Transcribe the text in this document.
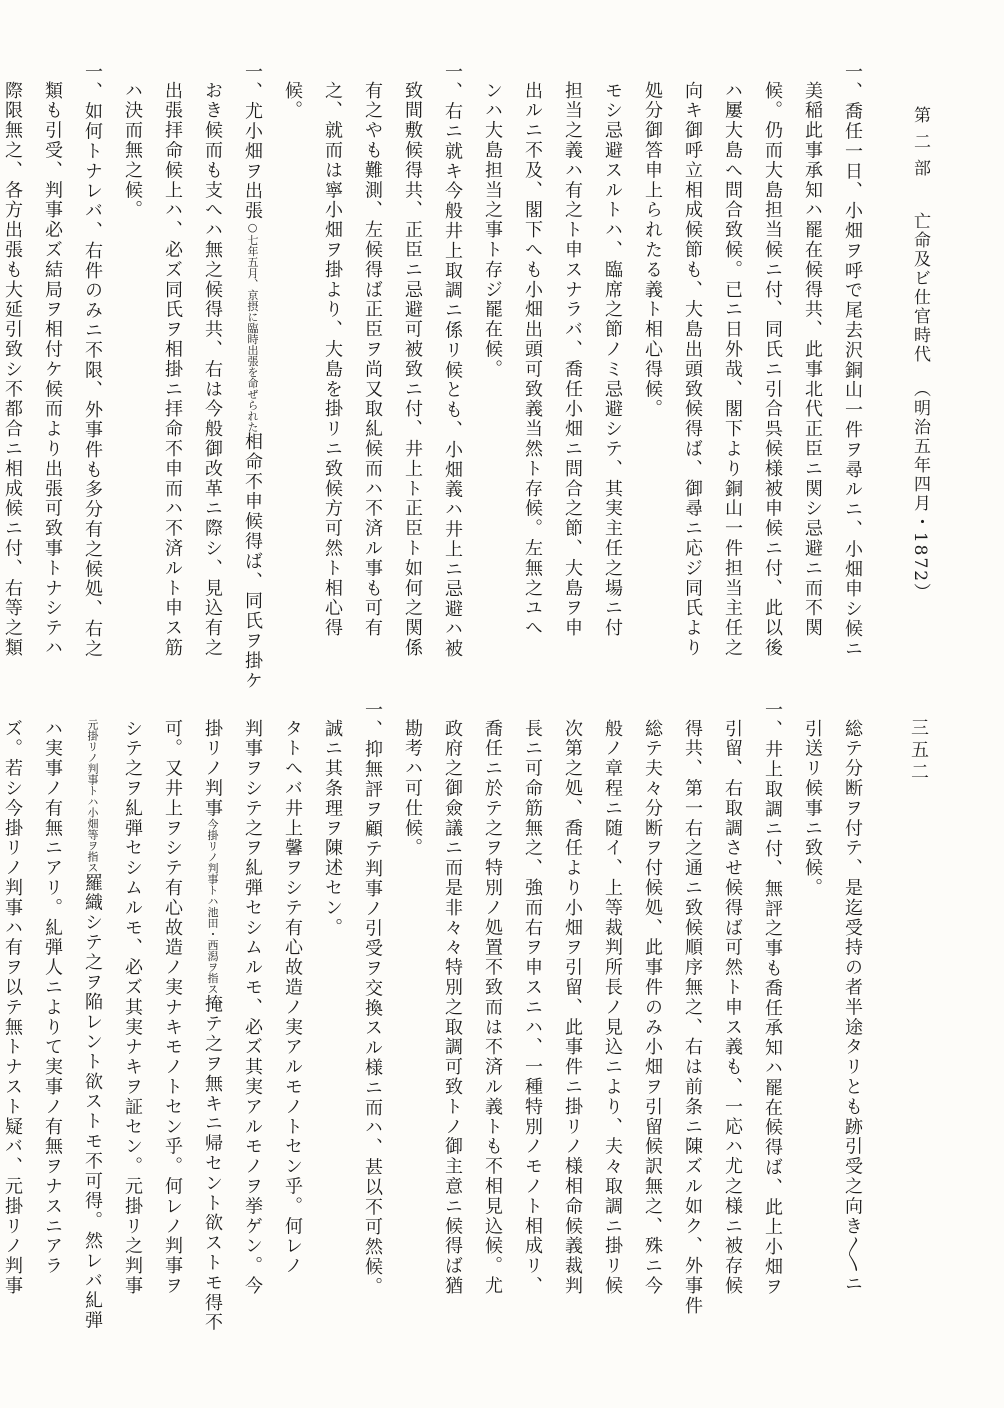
第 二 部亡命及ビ仕官時代（明治五年四月・1872）
三五二
一、喬任一日、小畑ヲ呼で尾去沢銅山一件ヲ尋ルニ、小畑申シ候ニ
美稲此事承知ハ罷在候得共、此事北代正臣ニ関シ忌避ニ而不関
候。仍而大島担当候ニ付、同氏ニ引合呉候様被申候ニ付、此以後
ハ屢大島へ問合致候。已ニ日外哉、閣下より銅山一件担当主任之
向キ御呼立相成候節も、大島出頭致候得ば、御尋ニ応ジ同氏より
処分御答申上られたる義ト相心得候。
モシ忌避スルトハ、臨席之節ノミ忌避シテ、其実主任之場ニ付
担当之義ハ有之ト申スナラバ、喬任小畑ニ問合之節、大島ヲ申
出ルニ不及、閣下へも小畑出頭可致義当然ト存候。左無之ユへ
ンハ大島担当之事ト存ジ罷在候。
一、右ニ就キ今般井上取調ニ係リ候とも、小畑義ハ井上ニ忌避ハ被
致間敷候得共、正臣ニ忌避可被致ニ付、井上ト正臣ト如何之関係
有之やも難測、左候得ば正臣ヲ尚又取糺候而ハ不済ル事も可有
之、就而は寧小畑ヲ掛より、大島を掛リニ致候方可然ト相心得
候。
一、尤小畑ヲ出張○七年五月、京摂に臨時出張を命ぜられた相命不申候得ば、同氏ヲ掛ケ
おき候而も支へハ無之候得共、右は今般御改革ニ際シ、見込有之
出張拝命候上ハ、必ズ同氏ヲ相掛ニ拝命不申而ハ不済ルト申ス筋
ハ決而無之候。
一、如何トナレバ、右件のみニ不限、外事件も多分有之候処、右之
類も引受、判事必ズ結局ヲ相付ケ候而より出張可致事トナシテハ
際限無之、各方出張も大延引致シ不都合ニ相成候ニ付、右等之類
総テ分断ヲ付テ、是迄受持の者半途タリとも跡引受之向き〳〵ニ
引送リ候事ニ致候。
一、井上取調ニ付、無評之事も喬任承知ハ罷在候得ば、此上小畑ヲ
引留、右取調させ候得ば可然ト申ス義も、一応ハ尤之様ニ被存候
得共、第一右之通ニ致候順序無之、右は前条ニ陳ズル如ク、外事件
総テ夫々分断ヲ付候処、此事件のみ小畑ヲ引留候訳無之、殊ニ今
般ノ章程ニ随イ、上等裁判所長ノ見込ニより、夫々取調ニ掛リ候
次第之処、喬任より小畑ヲ引留、此事件ニ掛リノ様相命候義裁判
長ニ可命筋無之、強而右ヲ申スニハ、一種特別ノモノト相成リ、
喬任ニ於テ之ヲ特別ノ処置不致而は不済ル義トも不相見込候。尤
政府之御僉議ニ而是非々々特別之取調可致トノ御主意ニ候得ば猶
勘考ハ可仕候。
一、抑無評ヲ顧テ判事ノ引受ヲ交換スル様ニ而ハ、甚以不可然候。
誠ニ其条理ヲ陳述セン。
タトへバ井上馨ヲシテ有心故造ノ実アルモノトセン乎。何レノ
判事ヲシテ之ヲ糺弾セシムルモ、必ズ其実アルモノヲ挙ゲン。今
掛リノ判事今掛リノ判事トハ池田・西潟ヲ指ス掩テ之ヲ無キニ帰セント欲ストモ得不
可。又井上ヲシテ有心故造ノ実ナキモノトセン乎。何レノ判事ヲ
シテ之ヲ糺弾セシムルモ、必ズ其実ナキヲ証セン。元掛リ之判事
元掛リノ判事トハ小畑等ヲ指ス羅織シテ之ヲ陥レント欲ストモ不可得。然レバ糺弾
ハ実事ノ有無ニアリ。糺弾人ニよりて実事ノ有無ヲナスニアラ
ズ。若シ今掛リノ判事ハ有ヲ以テ無トナスト疑バ、元掛リノ判事
